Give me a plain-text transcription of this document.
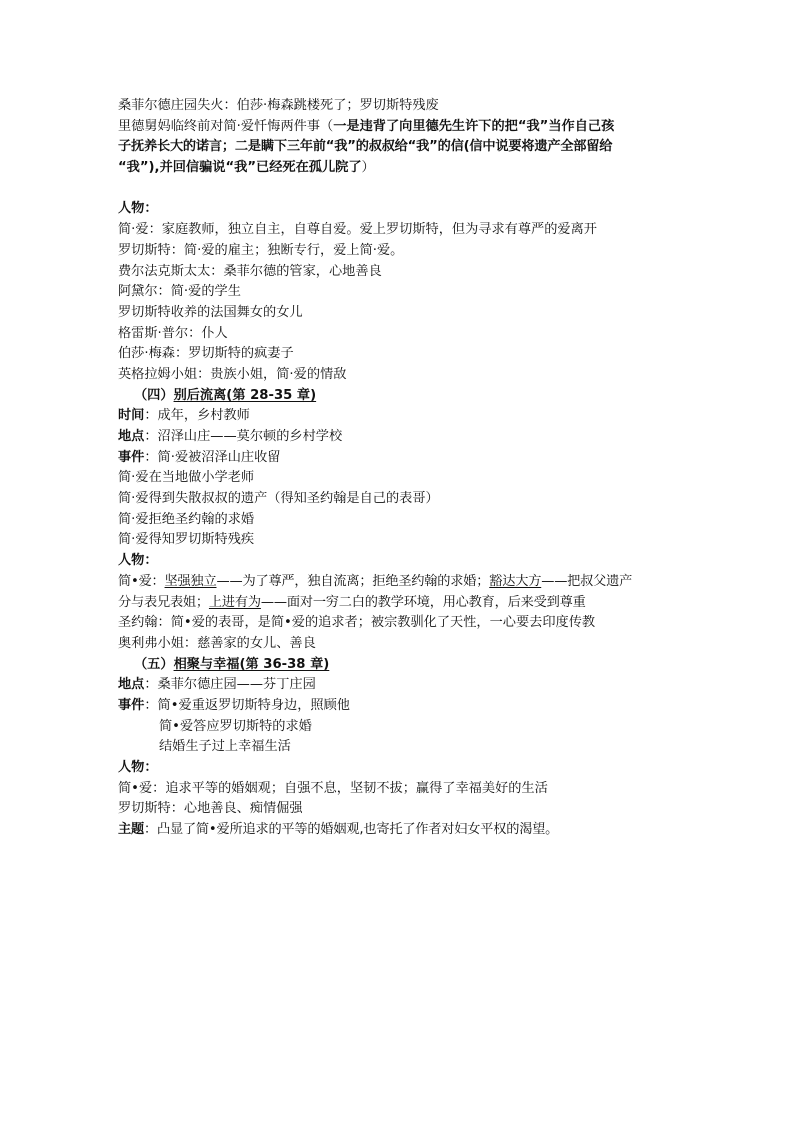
桑菲尔德庄园失火：伯莎·梅森跳楼死了；罗切斯特残废
里德舅妈临终前对简·爱忏悔两件事（一是违背了向里德先生许下的把“我”当作自己孩
子抚养长大的诺言；二是瞒下三年前“我”的叔叔给“我”的信(信中说要将遗产全部留给
“我”),并回信骗说“我”已经死在孤儿院了）
人物：
简·爱：家庭教师，独立自主，自尊自爱。爱上罗切斯特，但为寻求有尊严的爱离开
罗切斯特：简·爱的雇主；独断专行，爱上简·爱。
费尔法克斯太太：桑菲尔德的管家，心地善良
阿黛尔：简·爱的学生
罗切斯特收养的法国舞女的女儿
格雷斯·普尔：仆人
伯莎·梅森：罗切斯特的疯妻子
英格拉姆小姐：贵族小姐，简·爱的情敌
（四）别后流离(第 28-35 章)
时间：成年，乡村教师
地点：沼泽山庄——莫尔顿的乡村学校
事件：简·爱被沼泽山庄收留
简·爱在当地做小学老师
简·爱得到失散叔叔的遗产（得知圣约翰是自己的表哥）
简·爱拒绝圣约翰的求婚
简·爱得知罗切斯特残疾
人物：
简•爱：坚强独立——为了尊严，独自流离；拒绝圣约翰的求婚；豁达大方——把叔父遗产
分与表兄表姐；上进有为——面对一穷二白的教学环境，用心教育，后来受到尊重
圣约翰：简•爱的表哥，是简•爱的追求者；被宗教驯化了天性，一心要去印度传教
奥利弗小姐：慈善家的女儿、善良
（五）相聚与幸福(第 36-38 章)
地点：桑菲尔德庄园——芬丁庄园
事件：简•爱重返罗切斯特身边，照顾他
简•爱答应罗切斯特的求婚
结婚生子过上幸福生活
人物：
简•爱：追求平等的婚姻观；自强不息，坚韧不拔；赢得了幸福美好的生活
罗切斯特：心地善良、痴情倔强
主题：凸显了简•爱所追求的平等的婚姻观,也寄托了作者对妇女平权的渴望。
